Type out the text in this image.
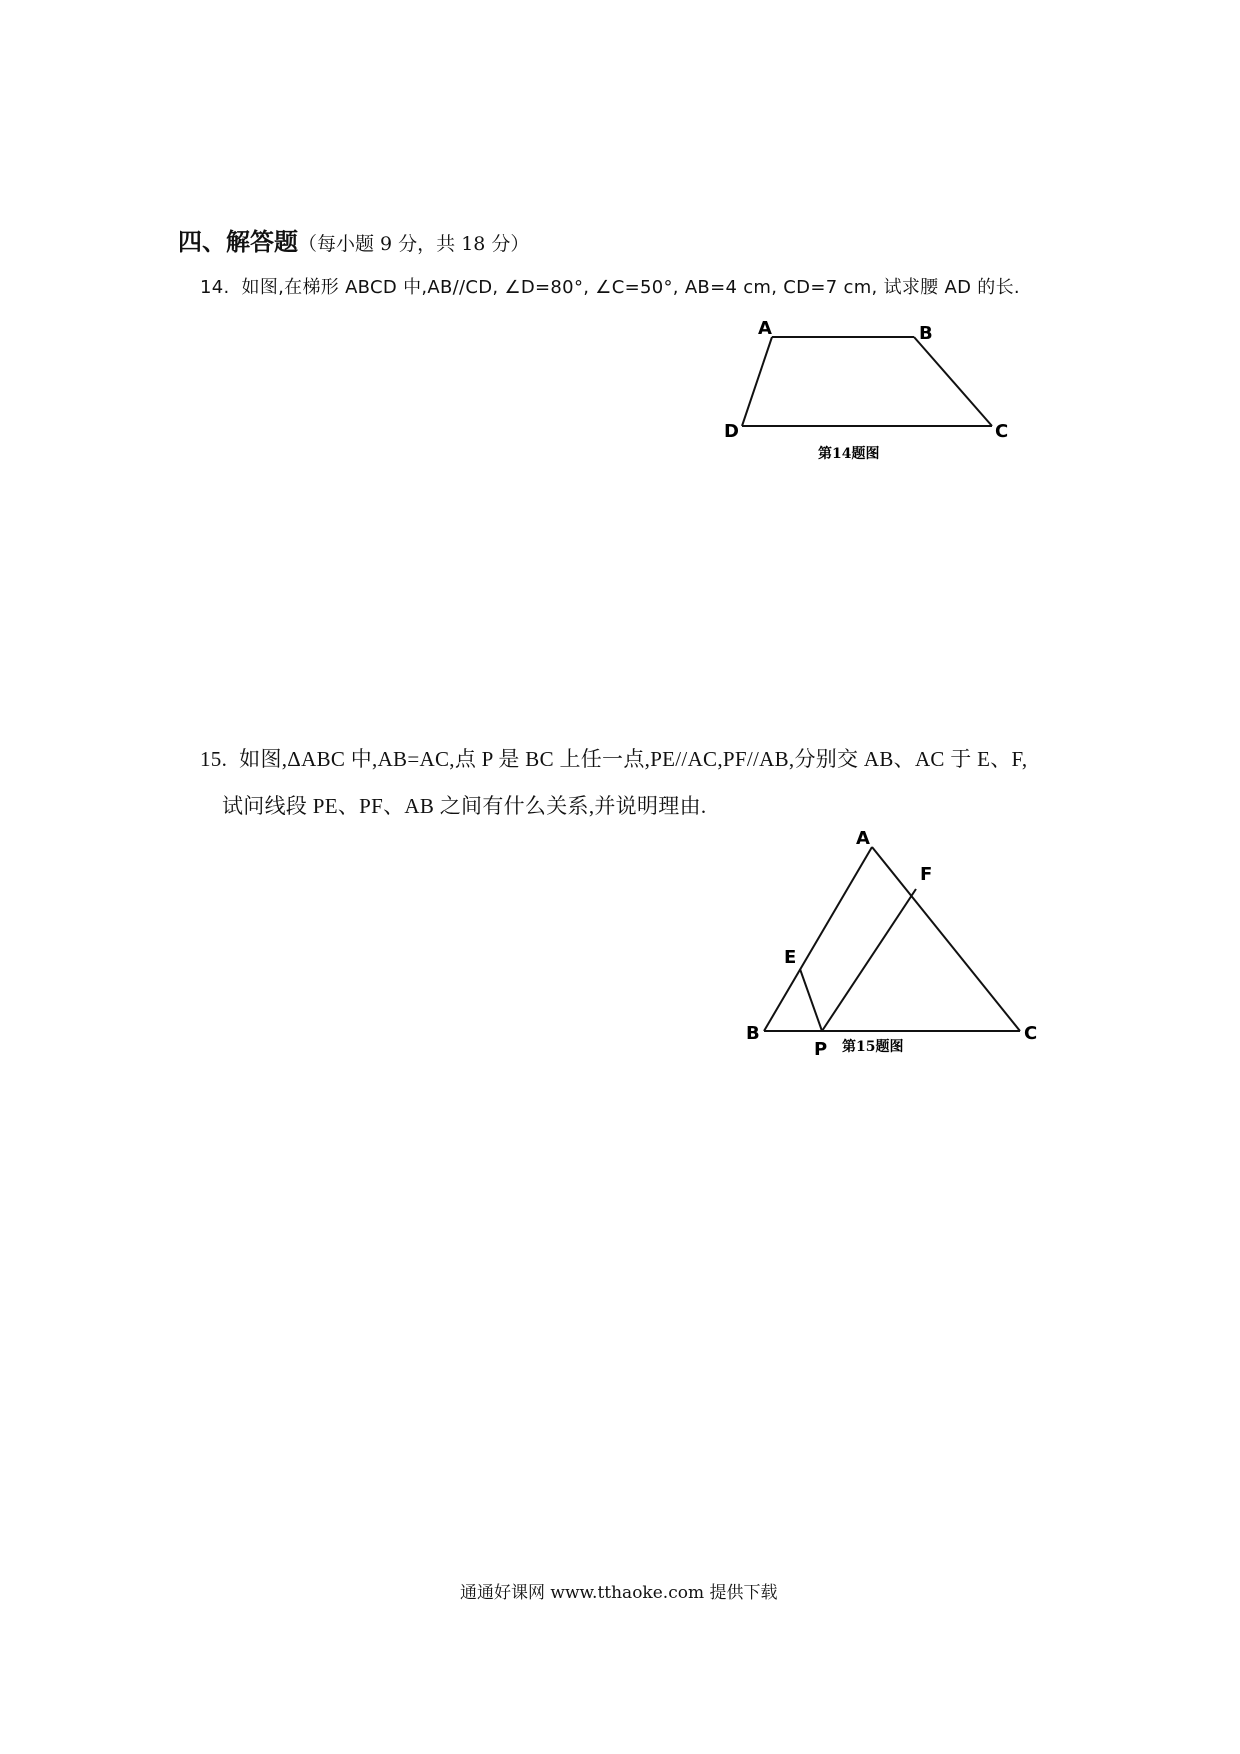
四、解答题（每小题 9 分，共 18 分）
14. 如图,在梯形 ABCD 中,AB//CD, ∠D=80°, ∠C=50°, AB=4 cm, CD=7 cm, 试求腰 AD 的长.
A	B
C
D
第14题图
15. 如图,ΔABC 中,AB=AC,点 P 是 BC 上任一点,PE//AC,PF//AB,分别交 AB、AC 于 E、F,
试问线段 PE、PF、AB 之间有什么关系,并说明理由.
A
B	C
E
F
P 第15题图
通通好课网 www.tthaoke.com 提供下载
